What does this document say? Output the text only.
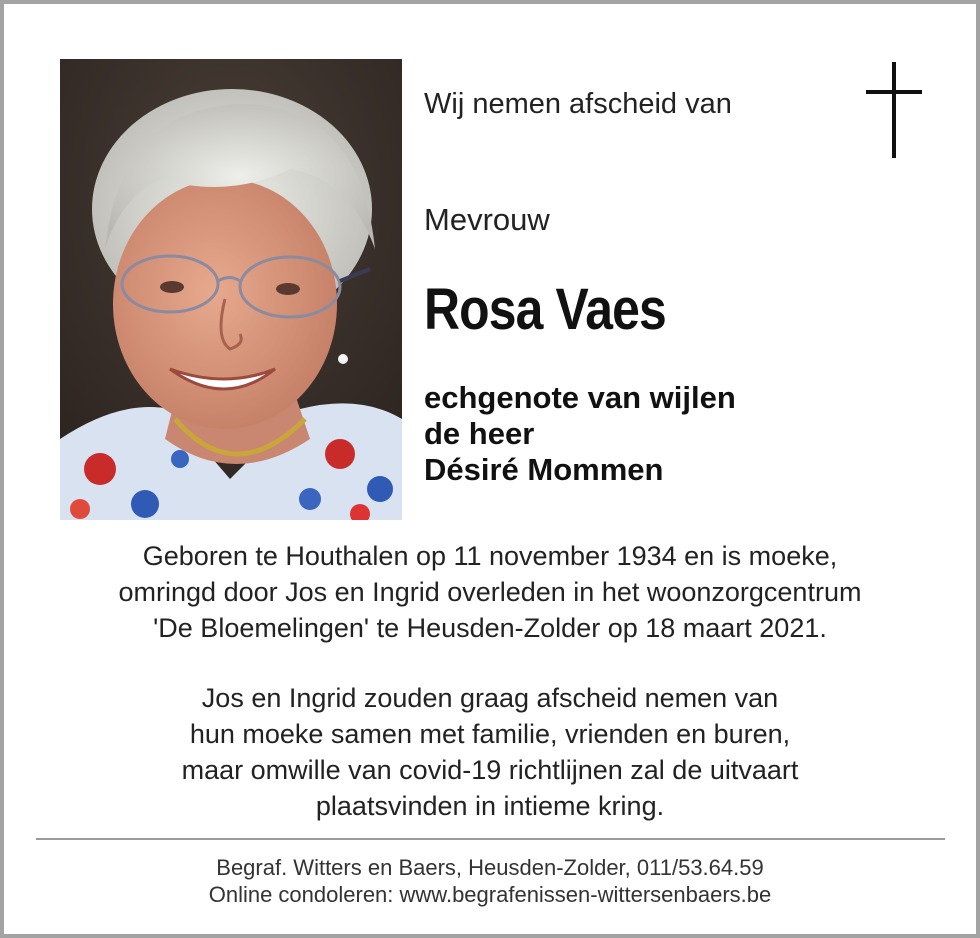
Wij nemen afscheid van
Mevrouw
Rosa Vaes
echgenote van wijlen
de heer
Désiré Mommen
Geboren te Houthalen op 11 november 1934 en is moeke,
omringd door Jos en Ingrid overleden in het woonzorgcentrum
'De Bloemelingen' te Heusden-Zolder op 18 maart 2021.
Jos en Ingrid zouden graag afscheid nemen van
hun moeke samen met familie, vrienden en buren,
maar omwille van covid-19 richtlijnen zal de uitvaart
plaatsvinden in intieme kring.
Begraf. Witters en Baers, Heusden-Zolder, 011/53.64.59
Online condoleren: www.begrafenissen-wittersenbaers.be
